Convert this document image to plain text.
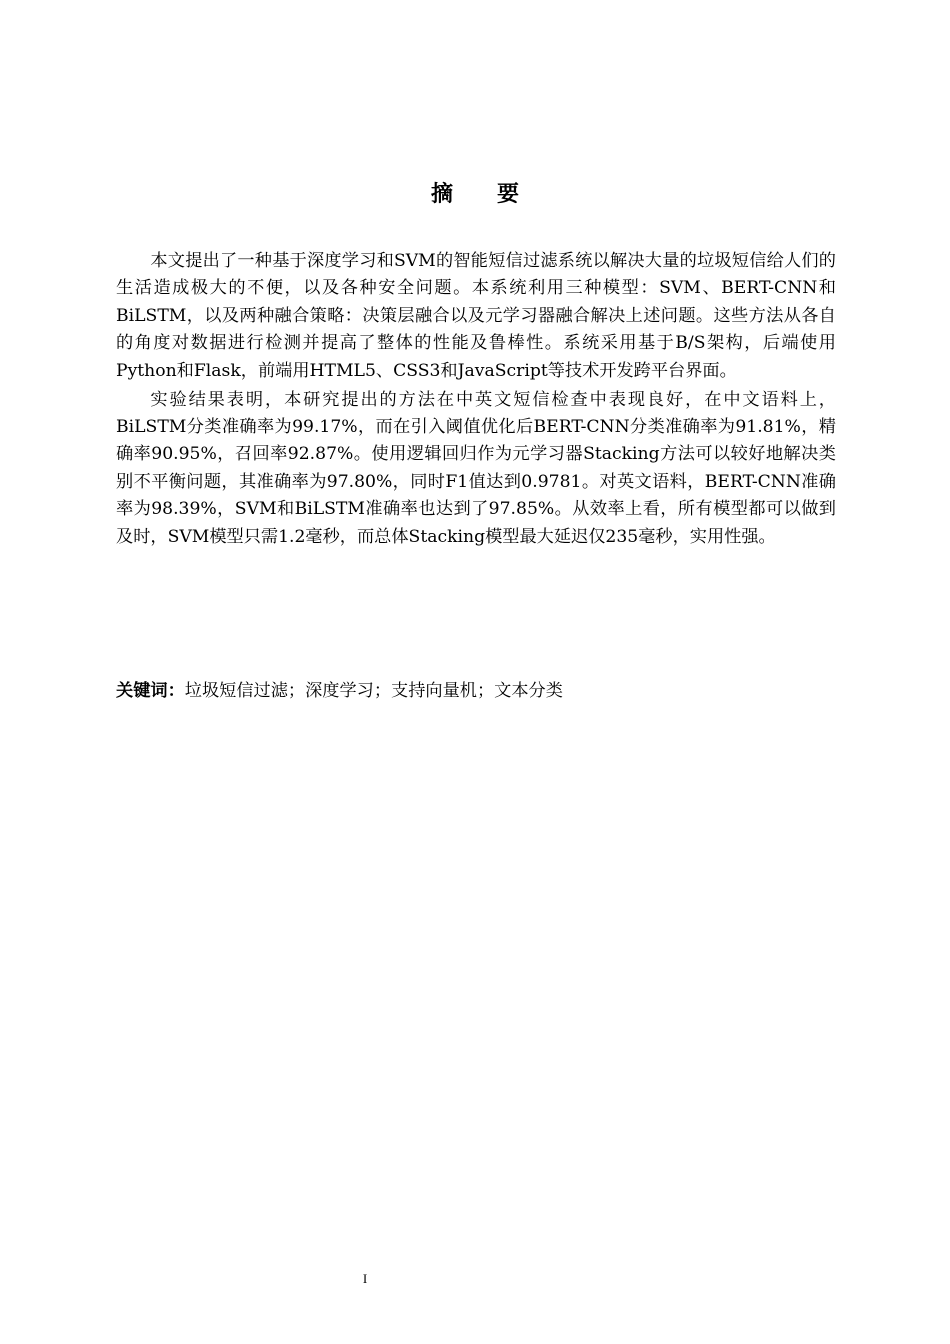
摘 要

本文提出了一种基于深度学习和SVM的智能短信过滤系统以解决大量的垃圾短信给人们的生活造成极大的不便，以及各种安全问题。本系统利用三种模型：SVM、BERT-CNN和BiLSTM，以及两种融合策略：决策层融合以及元学习器融合解决上述问题。这些方法从各自的角度对数据进行检测并提高了整体的性能及鲁棒性。系统采用基于B/S架构，后端使用Python和Flask，前端用HTML5、CSS3和JavaScript等技术开发跨平台界面。

实验结果表明，本研究提出的方法在中英文短信检查中表现良好，在中文语料上，BiLSTM分类准确率为99.17%，而在引入阈值优化后BERT-CNN分类准确率为91.81%，精确率90.95%，召回率92.87%。使用逻辑回归作为元学习器Stacking方法可以较好地解决类别不平衡问题，其准确率为97.80%，同时F1值达到0.9781。对英文语料，BERT-CNN准确率为98.39%，SVM和BiLSTM准确率也达到了97.85%。从效率上看，所有模型都可以做到及时，SVM模型只需1.2毫秒，而总体Stacking模型最大延迟仅235毫秒，实用性强。

关键词：垃圾短信过滤；深度学习；支持向量机；文本分类
I
